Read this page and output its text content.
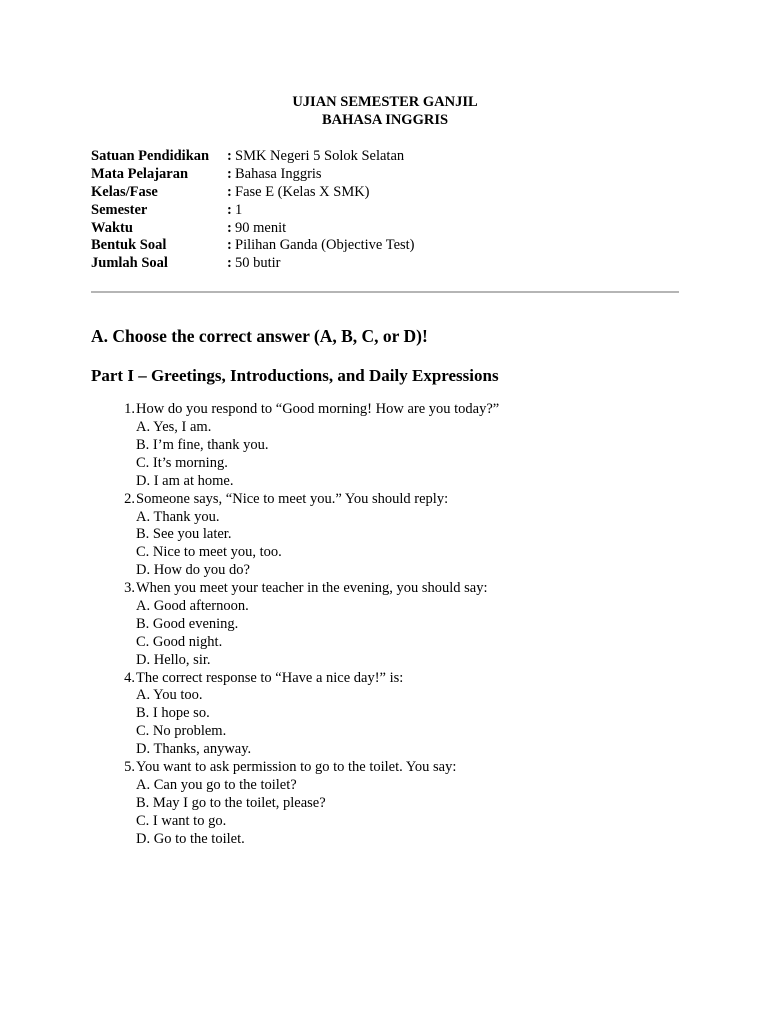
UJIAN SEMESTER GANJIL
BAHASA INGGRIS
Satuan Pendidikan	: SMK Negeri 5 Solok Selatan
Mata Pelajaran	: Bahasa Inggris
Kelas/Fase	: Fase E (Kelas X SMK)
Semester	: 1
Waktu	: 90 menit
Bentuk Soal	: Pilihan Ganda (Objective Test)
Jumlah Soal	: 50 butir
A. Choose the correct answer (A, B, C, or D)!
Part I – Greetings, Introductions, and Daily Expressions
1. How do you respond to “Good morning! How are you today?”
A. Yes, I am.
B. I’m fine, thank you.
C. It’s morning.
D. I am at home.
2. Someone says, “Nice to meet you.” You should reply:
A. Thank you.
B. See you later.
C. Nice to meet you, too.
D. How do you do?
3. When you meet your teacher in the evening, you should say:
A. Good afternoon.
B. Good evening.
C. Good night.
D. Hello, sir.
4. The correct response to “Have a nice day!” is:
A. You too.
B. I hope so.
C. No problem.
D. Thanks, anyway.
5. You want to ask permission to go to the toilet. You say:
A. Can you go to the toilet?
B. May I go to the toilet, please?
C. I want to go.
D. Go to the toilet.
